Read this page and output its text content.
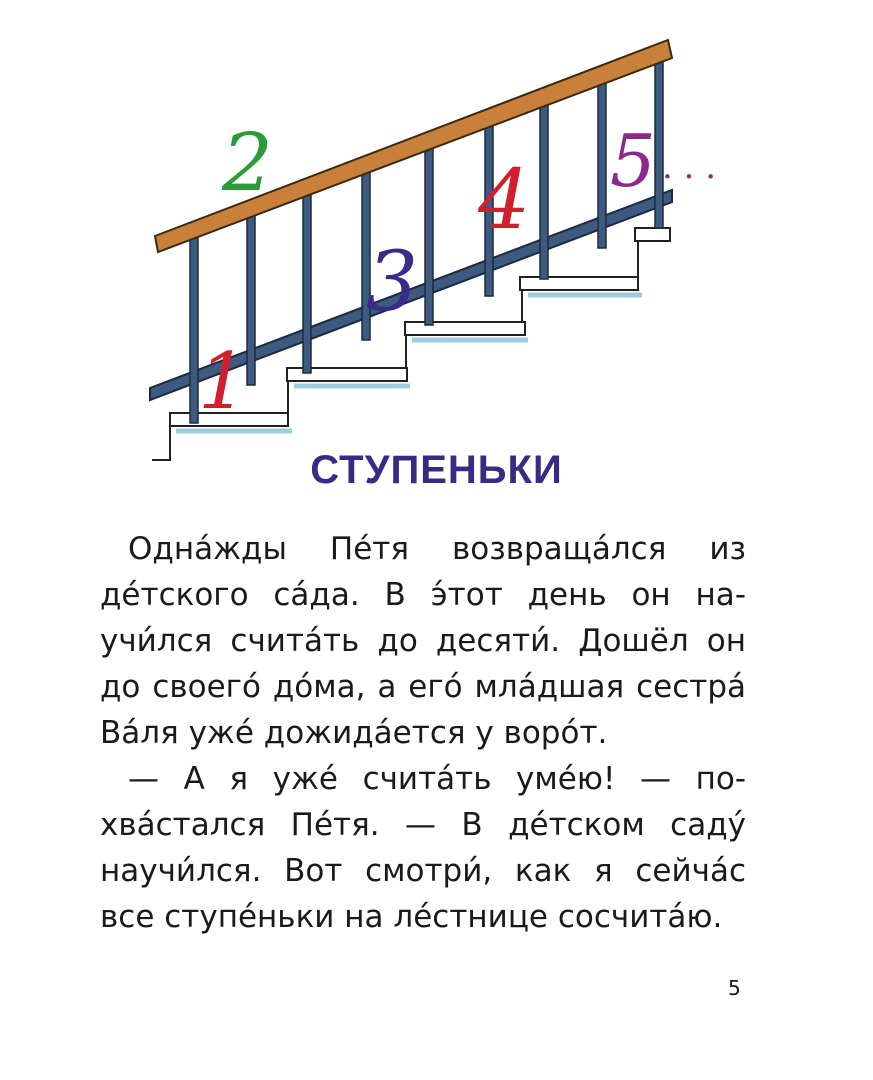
1
2
3
4 5 . . .
СТУПЕНЬКИ

Одна́жды Пе́тя возвраща́лся из де́тского са́да. В э́тот день он научи́лся счита́ть до десяти́. Дошёл он до своего́ до́ма, а его́ мла́дшая сестра́ Ва́ля уже́ дожида́ется у воро́т.

— А я уже́ счита́ть уме́ю! — похва́стался Пе́тя. — В де́тском саду́ научи́лся. Вот смотри́, как я сейча́с все ступе́ньки на ле́стнице сосчита́ю.

5
